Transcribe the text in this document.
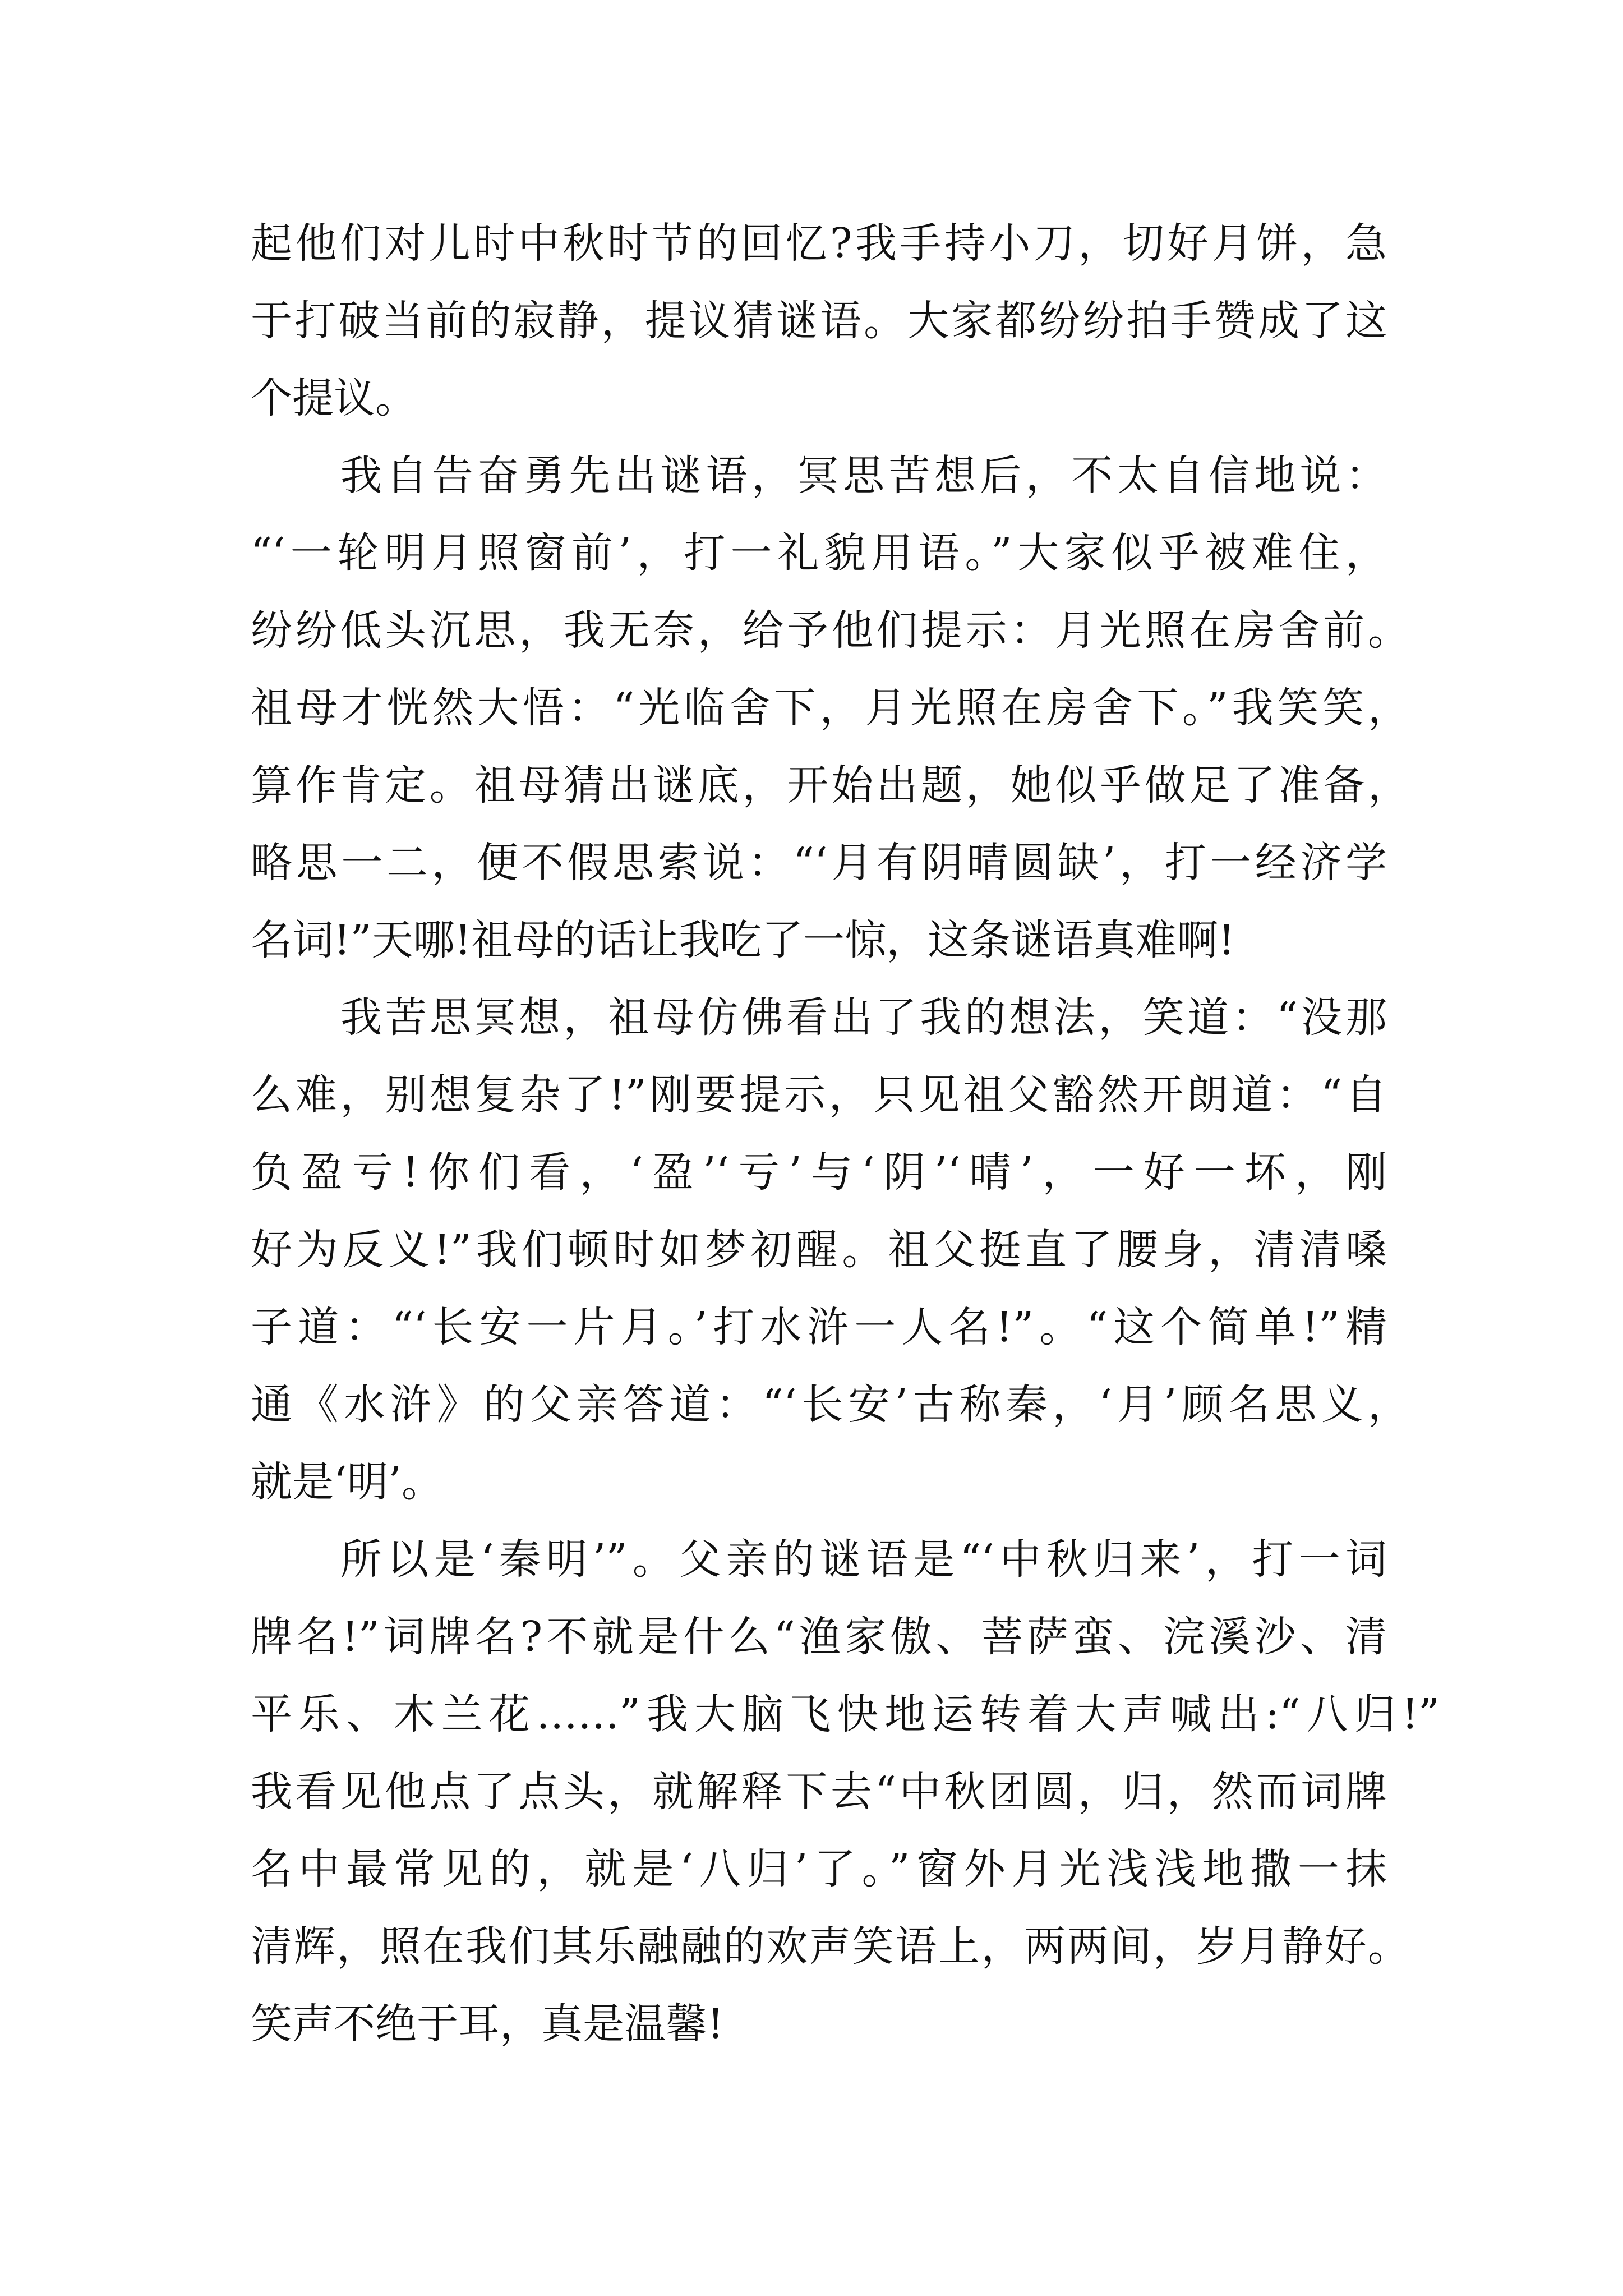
起他们对儿时中秋时节的回忆?我手持小刀，切好月饼，急
于打破当前的寂静，提议猜谜语。大家都纷纷拍手赞成了这
个提议。
我自告奋勇先出谜语，冥思苦想后，不太自信地说：
“‘一轮明月照窗前’，打一礼貌用语。”大家似乎被难住，
纷纷低头沉思，我无奈，给予他们提示：月光照在房舍前。
祖母才恍然大悟：“光临舍下，月光照在房舍下。”我笑笑，
算作肯定。祖母猜出谜底，开始出题，她似乎做足了准备，
略思一二，便不假思索说：“‘月有阴晴圆缺’，打一经济学
名词!”天哪!祖母的话让我吃了一惊，这条谜语真难啊!
我苦思冥想，祖母仿佛看出了我的想法，笑道：“没那
么难，别想复杂了!”刚要提示，只见祖父豁然开朗道：“自
负盈亏!你们看，‘盈’‘亏’与‘阴’‘晴’，一好一坏，刚
好为反义!”我们顿时如梦初醒。祖父挺直了腰身，清清嗓
子道：“‘长安一片月。’打水浒一人名!”。“这个简单!”精
通《水浒》的父亲答道：“‘长安’古称秦，‘月’顾名思义，
就是‘明’。
所以是‘秦明’”。父亲的谜语是“‘中秋归来’，打一词
牌名!”词牌名?不就是什么“渔家傲、菩萨蛮、浣溪沙、清
平乐、木兰花……”我大脑飞快地运转着大声喊出:“八归!”
我看见他点了点头，就解释下去“中秋团圆，归，然而词牌
名中最常见的，就是‘八归’了。”窗外月光浅浅地撒一抹
清辉，照在我们其乐融融的欢声笑语上，两两间，岁月静好。
笑声不绝于耳，真是温馨!
